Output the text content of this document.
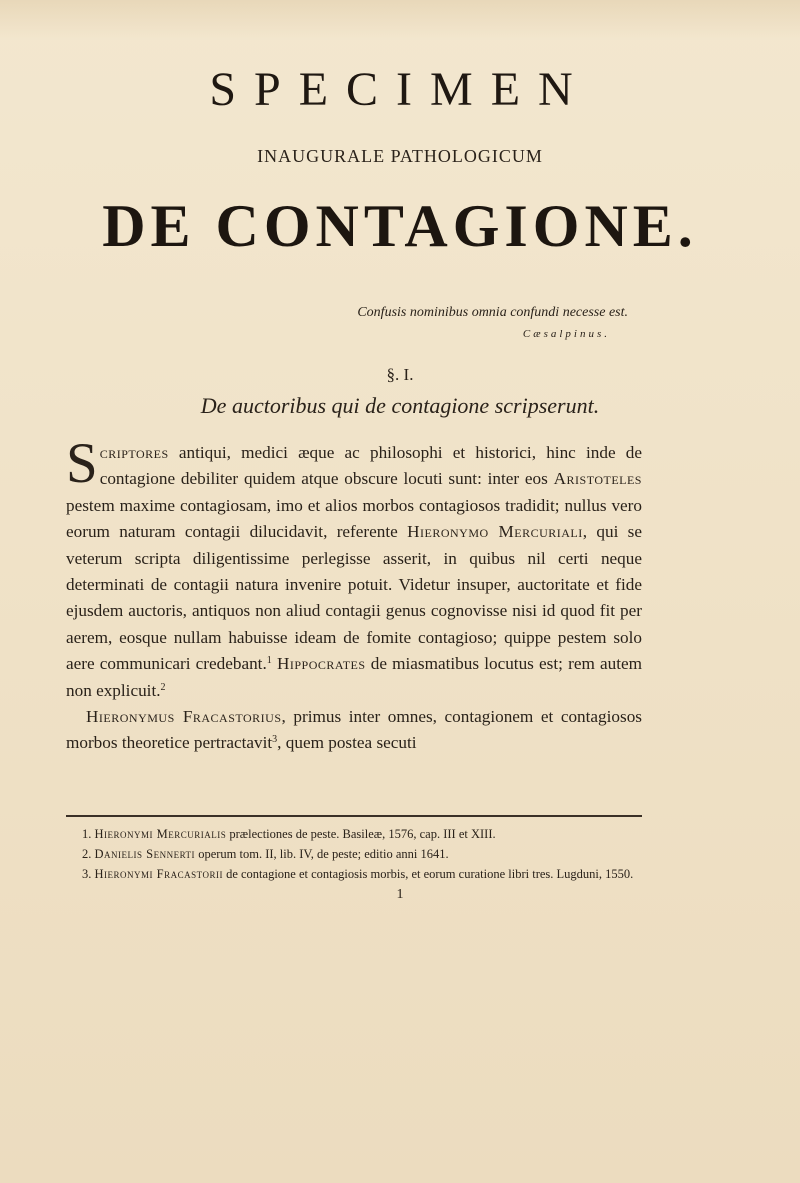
SPECIMEN
INAUGURALE PATHOLOGICUM
DE CONTAGIONE.
Confusis nominibus omnia confundi necesse est.
Cæsalpinus.
§. I.
De auctoribus qui de contagione scripserunt.

Scriptores antiqui, medici æque ac philosophi et historici, hinc inde de contagione debiliter quidem atque obscure locuti sunt: inter eos Aristoteles pestem maxime contagiosam, imo et alios morbos contagiosos tradidit; nullus vero eorum naturam contagii dilucidavit, referente Hieronymo Mercuriali, qui se veterum scripta diligentissime perlegisse asserit, in quibus nil certi neque determinati de contagii natura invenire potuit. Videtur insuper, auctoritate et fide ejusdem auctoris, antiquos non aliud contagii genus cognovisse nisi id quod fit per aerem, eosque nullam habuisse ideam de fomite contagioso; quippe pestem solo aere communicari credebant.$^1$ Hippocrates de miasmatibus locutus est; rem autem non explicuit.$^2$

Hieronymus Fracastorius, primus inter omnes, contagionem et contagiosos morbos theoretice pertractavit$^3$, quem postea secuti

1. Hieronymi Mercurialis prælectiones de peste. Basileæ, 1576, cap. III et XIII.
2. Danielis Sennerti operum tom. II, lib. IV, de peste; editio anni 1641.
3. Hieronymi Fracastorii de contagione et contagiosis morbis, et eorum curatione libri tres. Lugduni, 1550.
1
